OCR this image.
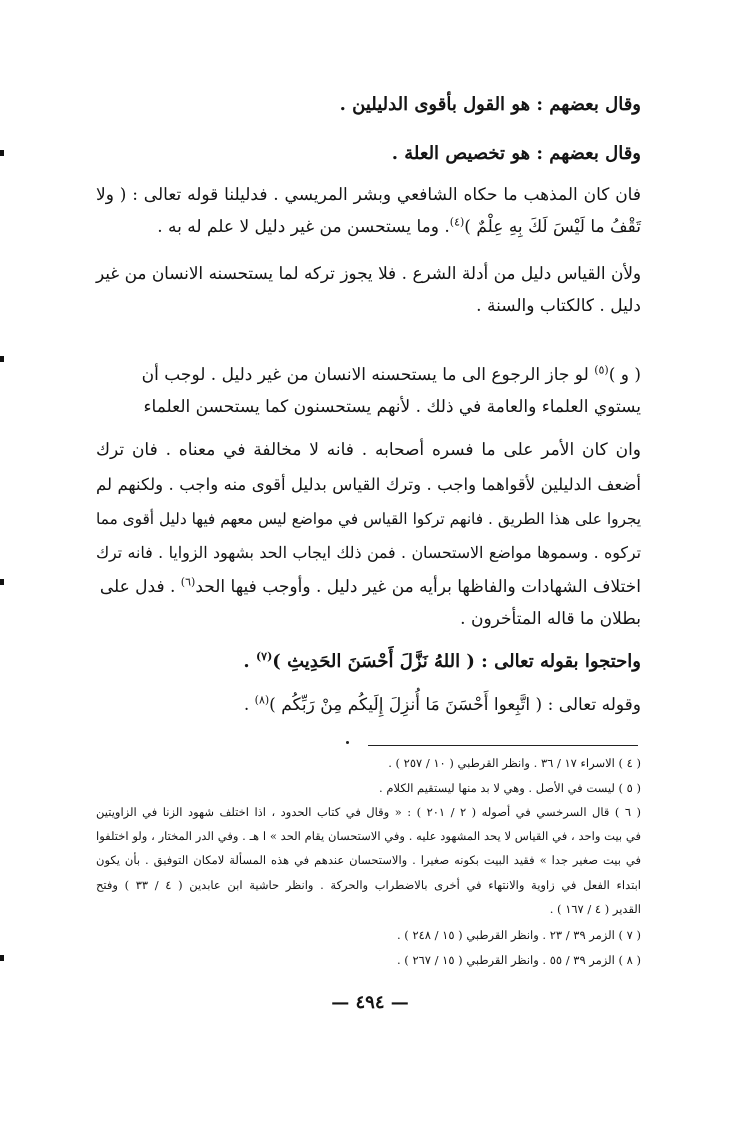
وقال بعضهم : هو القول بأقوى الدليلين .
وقال بعضهم : هو تخصيص العلة .
فان كان المذهب ما حكاه الشافعي وبشر المريسي . فدليلنا قوله تعالى : ( ولا
تَقْفُ ما لَيْسَ لَكَ بِهِ عِلْمٌ )$^{(٤)}$. وما يستحسن من غير دليل لا علم له به .
ولأن القياس دليل من أدلة الشرع . فلا يجوز تركه لما يستحسنه الانسان من غير
دليل . كالكتاب والسنة .
( و )$^{(٥)}$ لو جاز الرجوع الى ما يستحسنه الانسان من غير دليل . لوجب أن
يستوي العلماء والعامة في ذلك . لأنهم يستحسنون كما يستحسن العلماء
وان كان الأمر على ما فسره أصحابه . فانه لا مخالفة في معناه . فان ترك
أضعف الدليلين لأقواهما واجب . وترك القياس بدليل أقوى منه واجب . ولكنهم لم
يجروا على هذا الطريق . فانهم تركوا القياس في مواضع ليس معهم فيها دليل أقوى مما
تركوه . وسموها مواضع الاستحسان . فمن ذلك ايجاب الحد بشهود الزوايا . فانه ترك
اختلاف الشهادات والفاظها برأيه من غير دليل . وأوجب فيها الحد$^{(٦)}$ . فدل على
بطلان ما قاله المتأخرون .
واحتجوا بقوله تعالى : ( اللهُ نَزَّلَ أَحْسَنَ الحَدِيثِ )$^{(٧)}$ .
وقوله تعالى : ( اتَّبِعوا أَحْسَنَ مَا أُنزِلَ إِلَيكُم مِنْ رَبِّكُم )$^{(٨)}$ .
( ٤ ) الاسراء ١٧ / ٣٦ . وانظر القرطبي ( ١٠ / ٢٥٧ ) .
( ٥ ) ليست في الأصل . وهي لا بد منها ليستقيم الكلام .
( ٦ ) قال السرخسي في أصوله ( ٢ / ٢٠١ ) : « وقال في كتاب الحدود ، اذا اختلف شهود الزنا في الزاويتين
في بيت واحد ، في القياس لا يحد المشهود عليه . وفي الاستحسان يقام الحد » ا هـ . وفي الدر المختار ، ولو اختلفوا
في بيت صغير جدا » فقيد البيت بكونه صغيرا . والاستحسان عندهم في هذه المسألة لامكان التوفيق . بأن يكون
ابتداء الفعل في زاوية والانتهاء في أخرى بالاضطراب والحركة . وانظر حاشية ابن عابدين ( ٤ / ٣٣ ) وفتح
القدير ( ٤ / ١٦٧ ) .
( ٧ ) الزمر ٣٩ / ٢٣ . وانظر القرطبي ( ١٥ / ٢٤٨ ) .
( ٨ ) الزمر ٣٩ / ٥٥ . وانظر القرطبي ( ١٥ / ٢٦٧ ) .
— ٤٩٤ —
